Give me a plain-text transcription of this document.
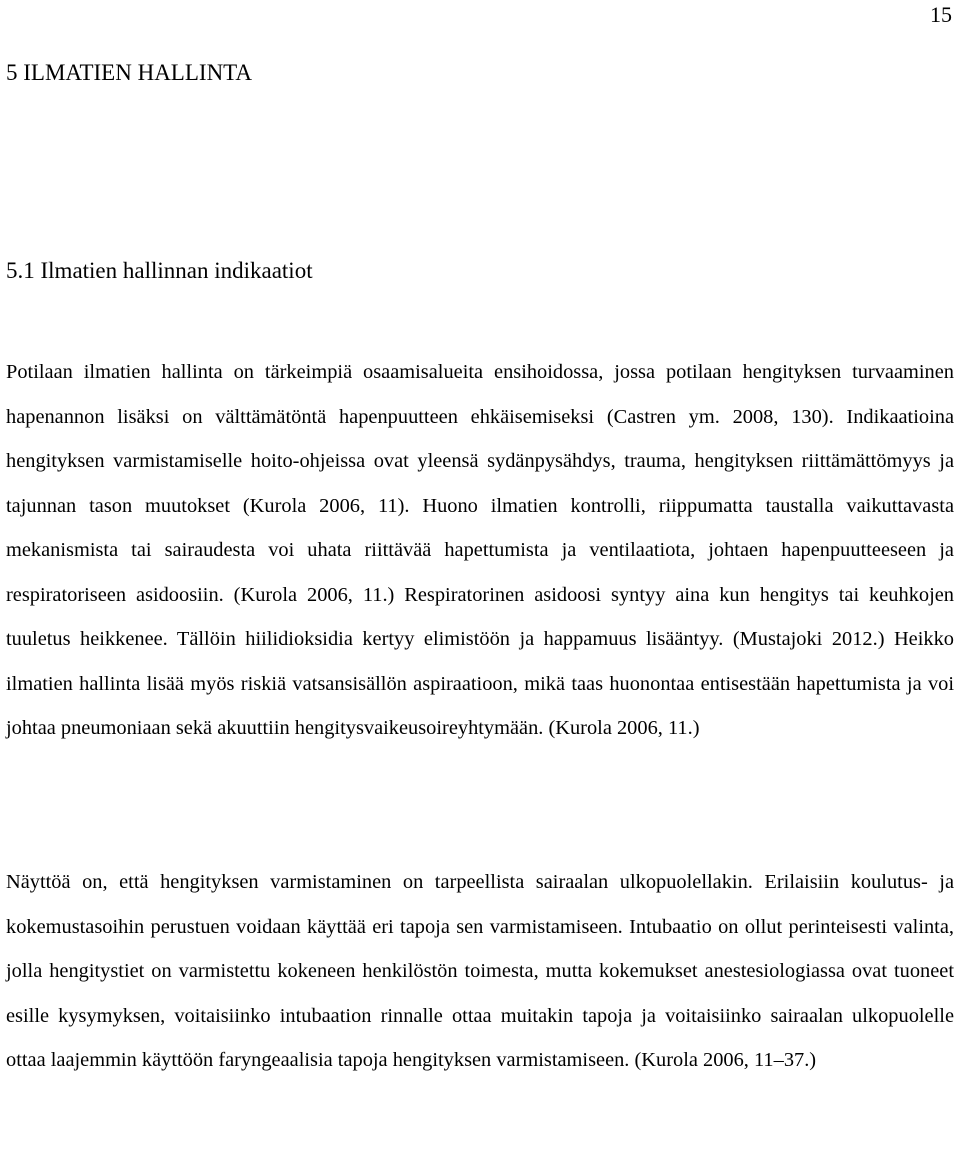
15
5 ILMATIEN HALLINTA
5.1 Ilmatien hallinnan indikaatiot

Potilaan ilmatien hallinta on tärkeimpiä osaamisalueita ensihoidossa, jossa potilaan hengityksen turvaaminen hapenannon lisäksi on välttämätöntä hapenpuutteen ehkäisemiseksi (Castren ym. 2008, 130). Indikaatioina hengityksen varmistamiselle hoito-ohjeissa ovat yleensä sydänpysähdys, trauma, hengityksen riittämättömyys ja tajunnan tason muutokset (Kurola 2006, 11). Huono ilmatien kontrolli, riippumatta taustalla vaikuttavasta mekanismista tai sairaudesta voi uhata riittävää hapettumista ja ventilaatiota, johtaen hapenpuutteeseen ja respiratoriseen asidoosiin. (Kurola 2006, 11.) Respiratorinen asidoosi syntyy aina kun hengitys tai keuhkojen tuuletus heikkenee. Tällöin hiilidioksidia kertyy elimistöön ja happamuus lisääntyy. (Mustajoki 2012.) Heikko ilmatien hallinta lisää myös riskiä vatsansisällön aspiraatioon, mikä taas huonontaa entisestään hapettumista ja voi johtaa pneumoniaan sekä akuuttiin hengitysvaikeusoireyhtymään. (Kurola 2006, 11.)

Näyttöä on, että hengityksen varmistaminen on tarpeellista sairaalan ulkopuolellakin. Erilaisiin koulutus- ja kokemustasoihin perustuen voidaan käyttää eri tapoja sen varmistamiseen. Intubaatio on ollut perinteisesti valinta, jolla hengitystiet on varmistettu kokeneen henkilöstön toimesta, mutta kokemukset anestesiologiassa ovat tuoneet esille kysymyksen, voitaisiinko intubaation rinnalle ottaa muitakin tapoja ja voitaisiinko sairaalan ulkopuolelle ottaa laajemmin käyttöön faryngeaalisia tapoja hengityksen varmistamiseen. (Kurola 2006, 11–37.)
